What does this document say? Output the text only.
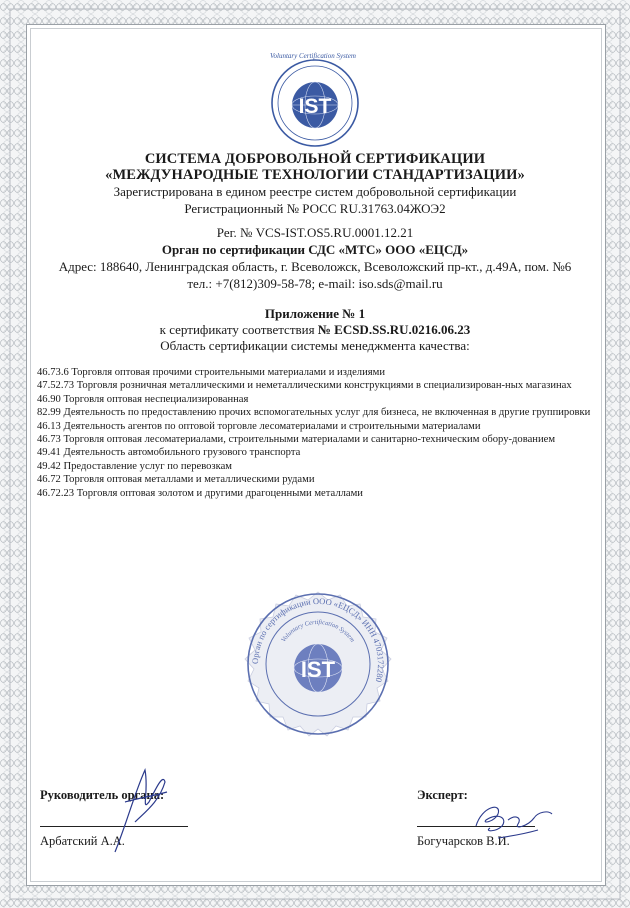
Voluntary Certification System
IST
СИСТЕМА ДОБРОВОЛЬНОЙ СЕРТИФИКАЦИИ
«МЕЖДУНАРОДНЫЕ ТЕХНОЛОГИИ СТАНДАРТИЗАЦИИ»
Зарегистрирована в едином реестре систем добровольной сертификации
Регистрационный № РОСС RU.З1763.04ЖОЭ2
Рег. № VCS-IST.OS5.RU.0001.12.21
Орган по сертификации СДС «МТС» ООО «ЕЦСД»
Адрес: 188640, Ленинградская область, г. Всеволожск, Всеволожский пр-кт., д.49А, пом. №6
тел.: +7(812)309-58-78; e-mail: iso.sds@mail.ru
Приложение № 1
к сертификату соответствия № ECSD.SS.RU.0216.06.23
Область сертификации системы менеджмента качества:
46.73.6 Торговля оптовая прочими строительными материалами и изделиями
47.52.73 Торговля розничная металлическими и неметаллическими конструкциями в специализирован-ных магазинах
46.90 Торговля оптовая неспециализированная
82.99 Деятельность по предоставлению прочих вспомогательных услуг для бизнеса, не включенная в другие группировки
46.13 Деятельность агентов по оптовой торговле лесоматериалами и строительными материалами
46.73 Торговля оптовая лесоматериалами, строительными материалами и санитарно-техническим обору-дованием
49.41 Деятельность автомобильного грузового транспорта
49.42 Предоставление услуг по перевозкам
46.72 Торговля оптовая металлами и металлическими рудами
46.72.23 Торговля оптовая золотом и другими драгоценными металлами
Орган по сертификации ООО «ЕЦСД» ИНН 4703172280
Voluntary Certification System
IST
Руководитель органа:
Арбатский А.А.
Эксперт:
Богучарсков В.И.
